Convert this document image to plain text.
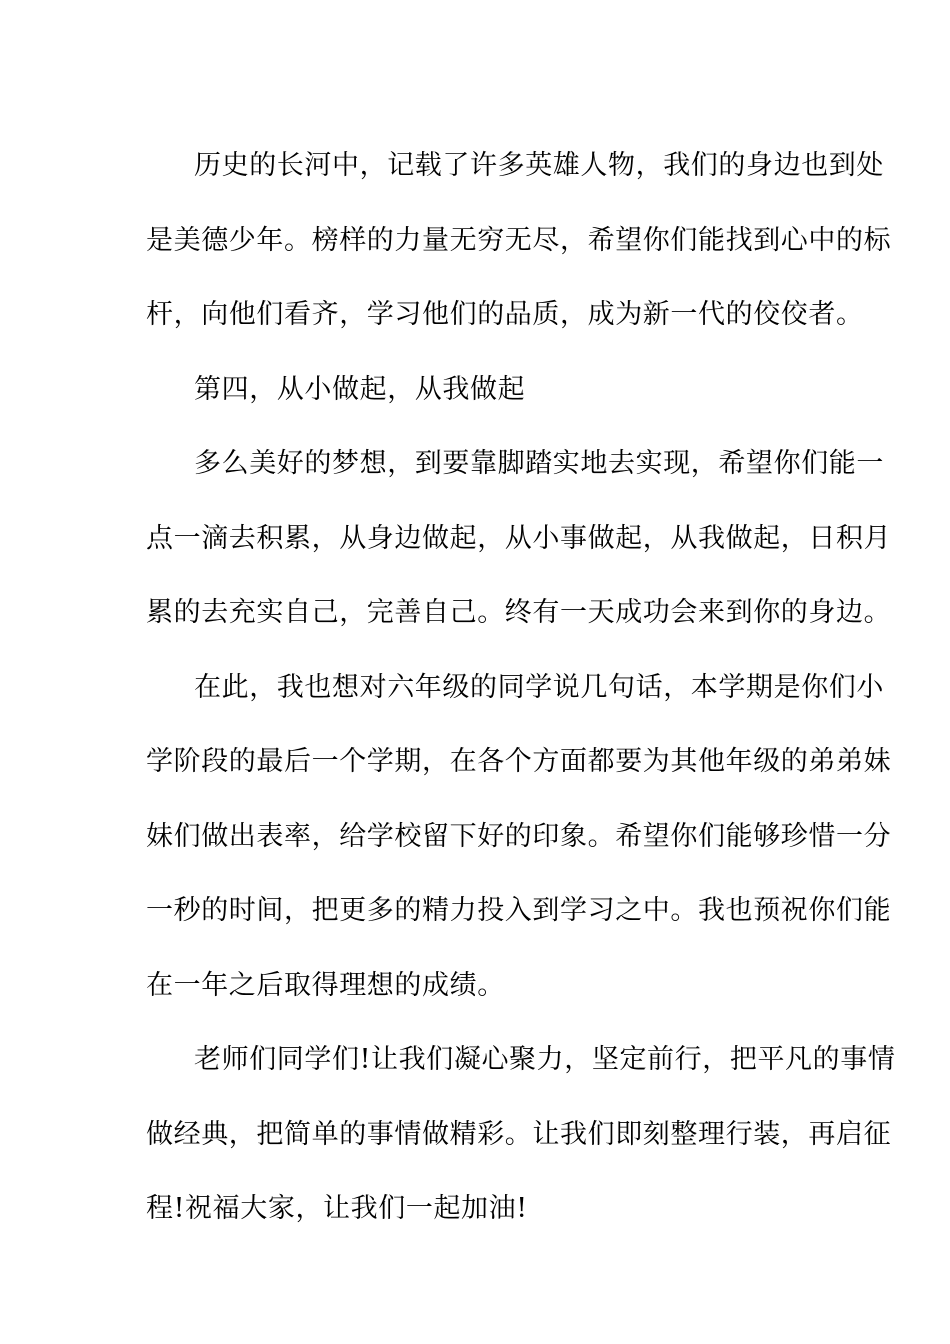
历史的长河中，记载了许多英雄人物，我们的身边也到处
是美德少年。榜样的力量无穷无尽，希望你们能找到心中的标
杆，向他们看齐，学习他们的品质，成为新一代的佼佼者。

第四，从小做起，从我做起

多么美好的梦想，到要靠脚踏实地去实现，希望你们能一
点一滴去积累，从身边做起，从小事做起，从我做起，日积月
累的去充实自己，完善自己。终有一天成功会来到你的身边。

在此，我也想对六年级的同学说几句话，本学期是你们小
学阶段的最后一个学期，在各个方面都要为其他年级的弟弟妹
妹们做出表率，给学校留下好的印象。希望你们能够珍惜一分
一秒的时间，把更多的精力投入到学习之中。我也预祝你们能
在一年之后取得理想的成绩。

老师们同学们!让我们凝心聚力，坚定前行，把平凡的事情
做经典，把简单的事情做精彩。让我们即刻整理行装，再启征
程!祝福大家，让我们一起加油!
